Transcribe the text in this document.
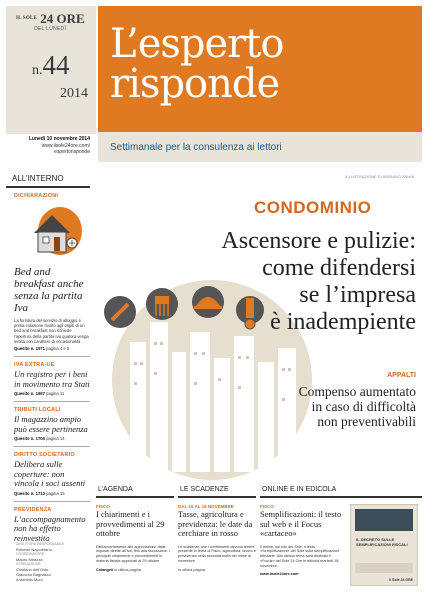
$^{IL SOLE}$ 24 ORE
DEL LUNEDÌ
n.44
2014
Lunedì 10 novembre 2014
www.ilsole24ore.com/
espertorisponde
L’esperto
risponde
Settimanale per la consulenza ai lettori
ILLUSTRAZIONE DI ADRIANO ZANNI
ALL’INTERNO
DICHIARAZIONI
Bed and breakfast anche senza la partita Iva
La fornitura del servizio di alloggio e prima colazione rivolto agli ospiti di un bed and breakfast non richiede l’apertura della partita Iva qualora venga svolta con carattere di occasionalità
Quesito n. 1071 pagina 4 e 5
IVA EXTRA-UE
Un registro per i beni in movimento tra Stati
Quesito n. 1697 pagina 11
TRIBUTI LOCALI
Il magazzino ampio può essere pertinenza
Quesito n. 1706 pagina 14
DIRITTO SOCIETARIO
Delibera sulle coperture: non vincola i soci assenti
Quesito n. 1710 pagina 15
PREVIDENZA
L’accompagnamento non ha effetto reinvestito
DIRETTORE RESPONSABILE
Roberto Napoletano
COORDINATORE
Mauro Meazza
IN REDAZIONE
Cristiano dell’Oste
Giacomo Bagnasco
Antonella Muro
CONDOMINIO
Ascensore e pulizie:
come difendersi
se l’impresa
è inadempiente
APPALTI
Compenso aumentato
in caso di difficoltà
non preventivabili
L’AGENDA
FISCO
I chiarimenti e i provvedimenti al 29 ottobre
Dall’accertamento alle agevolazioni, dalle imposte dirette all’Iva, fino alla riscossione: i principali chiarimenti e provvedimenti in materia fiscale approvati al 29 ottobre
Colangeli In ultima pagina
LE SCADENZE
DAL 10 AL 16 NOVEMBRE
Tasse, agricoltura e previdenza: le date da cerchiare in rosso
Le scadenze che i contribuenti devono tenere presente in tema di Fisco, agricoltura, lavoro e previdenza nella seconda metà del mese di novembre
In ultima pagina
ONLINE E IN EDICOLA
FISCO
Semplificazioni: il testo sul web e il Focus «cartaceo»
Il online, sul sito del Sole, il testo «Semplificazioni» del Sole sulle semplificazioni tributarie. Allo stesso tema sarà dedicato il «Focus» del Sole 24 Ore in edicola martedì 18 novembre.
www.ilsole24ore.com
IL DECRETO SULLE SEMPLIFICAZIONI FISCALI
Il Sole 24 ORE
